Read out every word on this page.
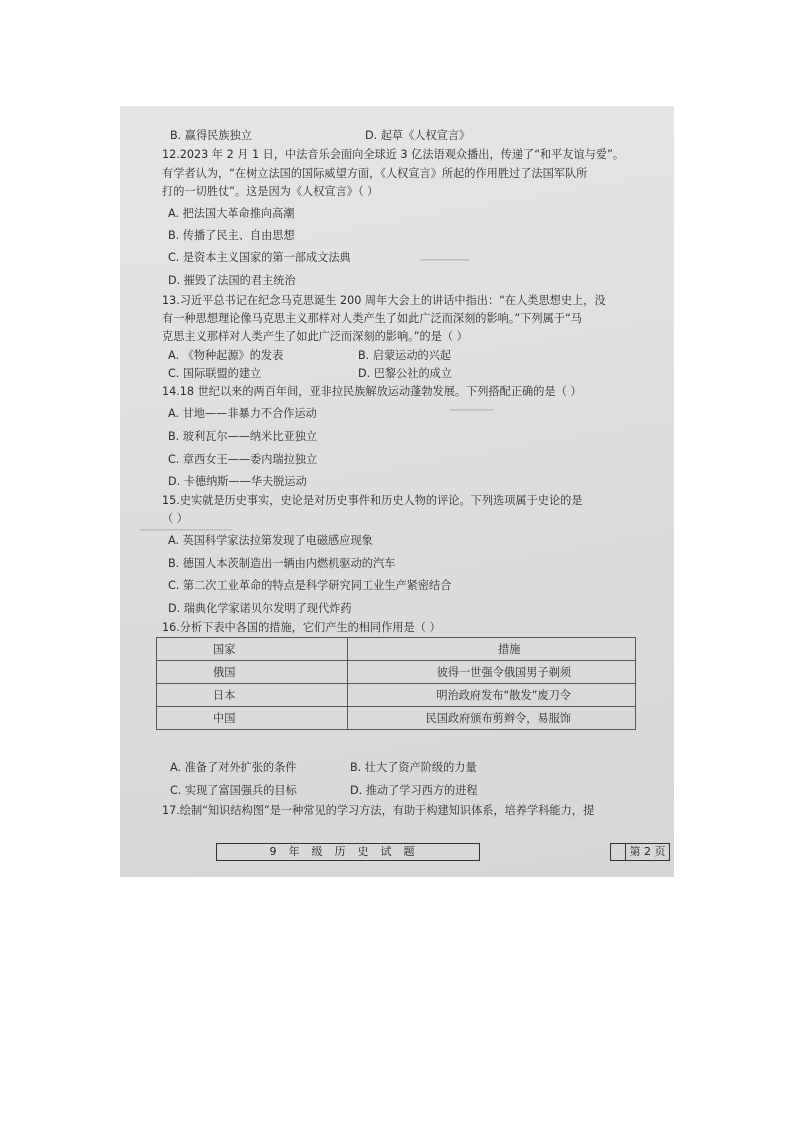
━━━━━━━━━
━━━━━━━━
━━━━━━━━━━━━━━━━━
B. 赢得民族独立	D. 起草《人权宣言》
12.2023 年 2 月 1 日，中法音乐会面向全球近 3 亿法语观众播出，传递了“和平友谊与爱”。
有学者认为，“在树立法国的国际威望方面，《人权宣言》所起的作用胜过了法国军队所
打的一切胜仗”。这是因为《人权宣言》（ ）
A. 把法国大革命推向高潮
B. 传播了民主、自由思想
C. 是资本主义国家的第一部成文法典
D. 摧毁了法国的君主统治
13.习近平总书记在纪念马克思诞生 200 周年大会上的讲话中指出：“在人类思想史上，没
有一种思想理论像马克思主义那样对人类产生了如此广泛而深刻的影响。”下列属于“马
克思主义那样对人类产生了如此广泛而深刻的影响。”的是（ ）
A. 《物种起源》的发表	B. 启蒙运动的兴起
C. 国际联盟的建立	D. 巴黎公社的成立
14.18 世纪以来的两百年间，亚非拉民族解放运动蓬勃发展。下列搭配正确的是（ ）
A. 甘地——非暴力不合作运动
B. 玻利瓦尔——纳米比亚独立
C. 章西女王——委内瑞拉独立
D. 卡德纳斯——华夫脱运动
15.史实就是历史事实，史论是对历史事件和历史人物的评论。下列选项属于史论的是
（ ）
A. 英国科学家法拉第发现了电磁感应现象
B. 德国人本茨制造出一辆由内燃机驱动的汽车
C. 第二次工业革命的特点是科学研究同工业生产紧密结合
D. 瑞典化学家诺贝尔发明了现代炸药
16.分析下表中各国的措施，它们产生的相同作用是（ ）
国家	措施
俄国	彼得一世强令俄国男子剃须
日本	明治政府发布“散发”废刀令
中国	民国政府颁布剪辫令，易服饰
A. 准备了对外扩张的条件	B. 壮大了资产阶级的力量
C. 实现了富国强兵的目标	D. 推动了学习西方的进程
17.绘制“知识结构图”是一种常见的学习方法，有助于构建知识体系，培养学科能力，提
9年级历史试题	第 2 页
